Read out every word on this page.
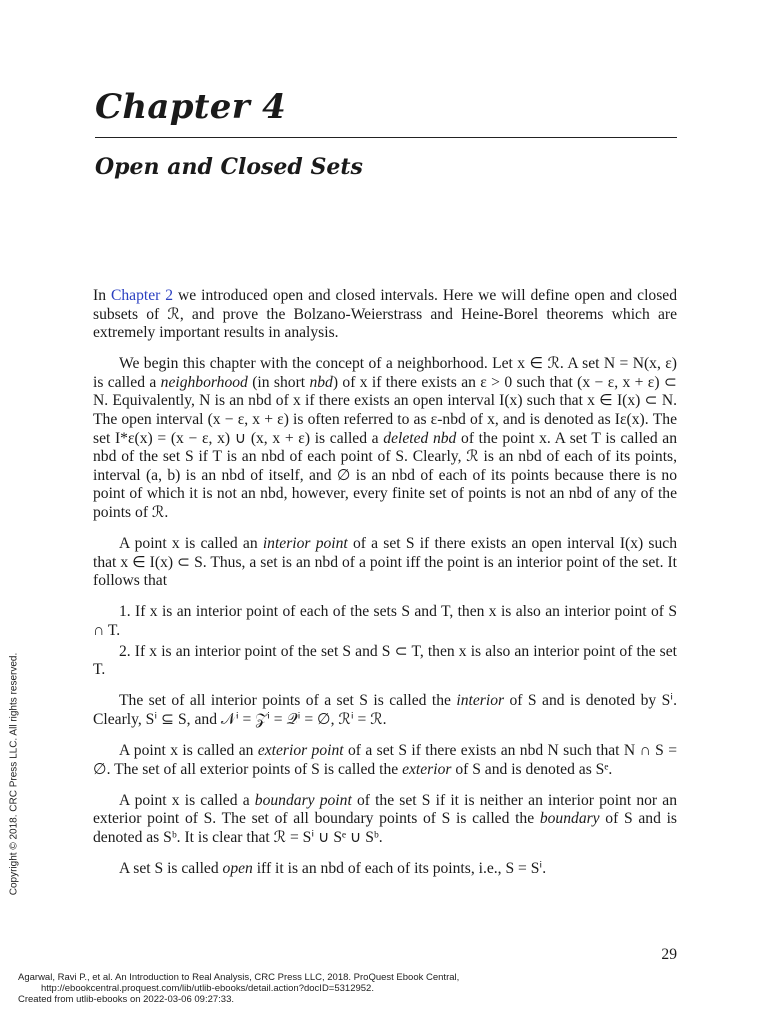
Chapter 4
Open and Closed Sets

In Chapter 2 we introduced open and closed intervals. Here we will define open and closed subsets of ℛ, and prove the Bolzano-Weierstrass and Heine-Borel theorems which are extremely important results in analysis.

We begin this chapter with the concept of a neighborhood. Let x ∈ ℛ. A set N = N(x, ε) is called a neighborhood (in short nbd) of x if there exists an ε > 0 such that (x − ε, x + ε) ⊂ N. Equivalently, N is an nbd of x if there exists an open interval I(x) such that x ∈ I(x) ⊂ N. The open interval (x − ε, x + ε) is often referred to as ε-nbd of x, and is denoted as Iε(x). The set I*ε(x) = (x − ε, x) ∪ (x, x + ε) is called a deleted nbd of the point x. A set T is called an nbd of the set S if T is an nbd of each point of S. Clearly, ℛ is an nbd of each of its points, interval (a, b) is an nbd of itself, and ∅ is an nbd of each of its points because there is no point of which it is not an nbd, however, every finite set of points is not an nbd of any of the points of ℛ.

A point x is called an interior point of a set S if there exists an open interval I(x) such that x ∈ I(x) ⊂ S. Thus, a set is an nbd of a point iff the point is an interior point of the set. It follows that

1. If x is an interior point of each of the sets S and T, then x is also an interior point of S ∩ T.

2. If x is an interior point of the set S and S ⊂ T, then x is also an interior point of the set T.

The set of all interior points of a set S is called the interior of S and is denoted by Sⁱ. Clearly, Sⁱ ⊆ S, and 𝒩ⁱ = 𝒵ⁱ = 𝒬ⁱ = ∅, ℛⁱ = ℛ.

A point x is called an exterior point of a set S if there exists an nbd N such that N ∩ S = ∅. The set of all exterior points of S is called the exterior of S and is denoted as Sᵉ.

A point x is called a boundary point of the set S if it is neither an interior point nor an exterior point of S. The set of all boundary points of S is called the boundary of S and is denoted as Sᵇ. It is clear that ℛ = Sⁱ ∪ Sᵉ ∪ Sᵇ.

A set S is called open iff it is an nbd of each of its points, i.e., S = Sⁱ.

29
Copyright © 2018. CRC Press LLC. All rights reserved.
Agarwal, Ravi P., et al. An Introduction to Real Analysis, CRC Press LLC, 2018. ProQuest Ebook Central,
http://ebookcentral.proquest.com/lib/utlib-ebooks/detail.action?docID=5312952.
Created from utlib-ebooks on 2022-03-06 09:27:33.
